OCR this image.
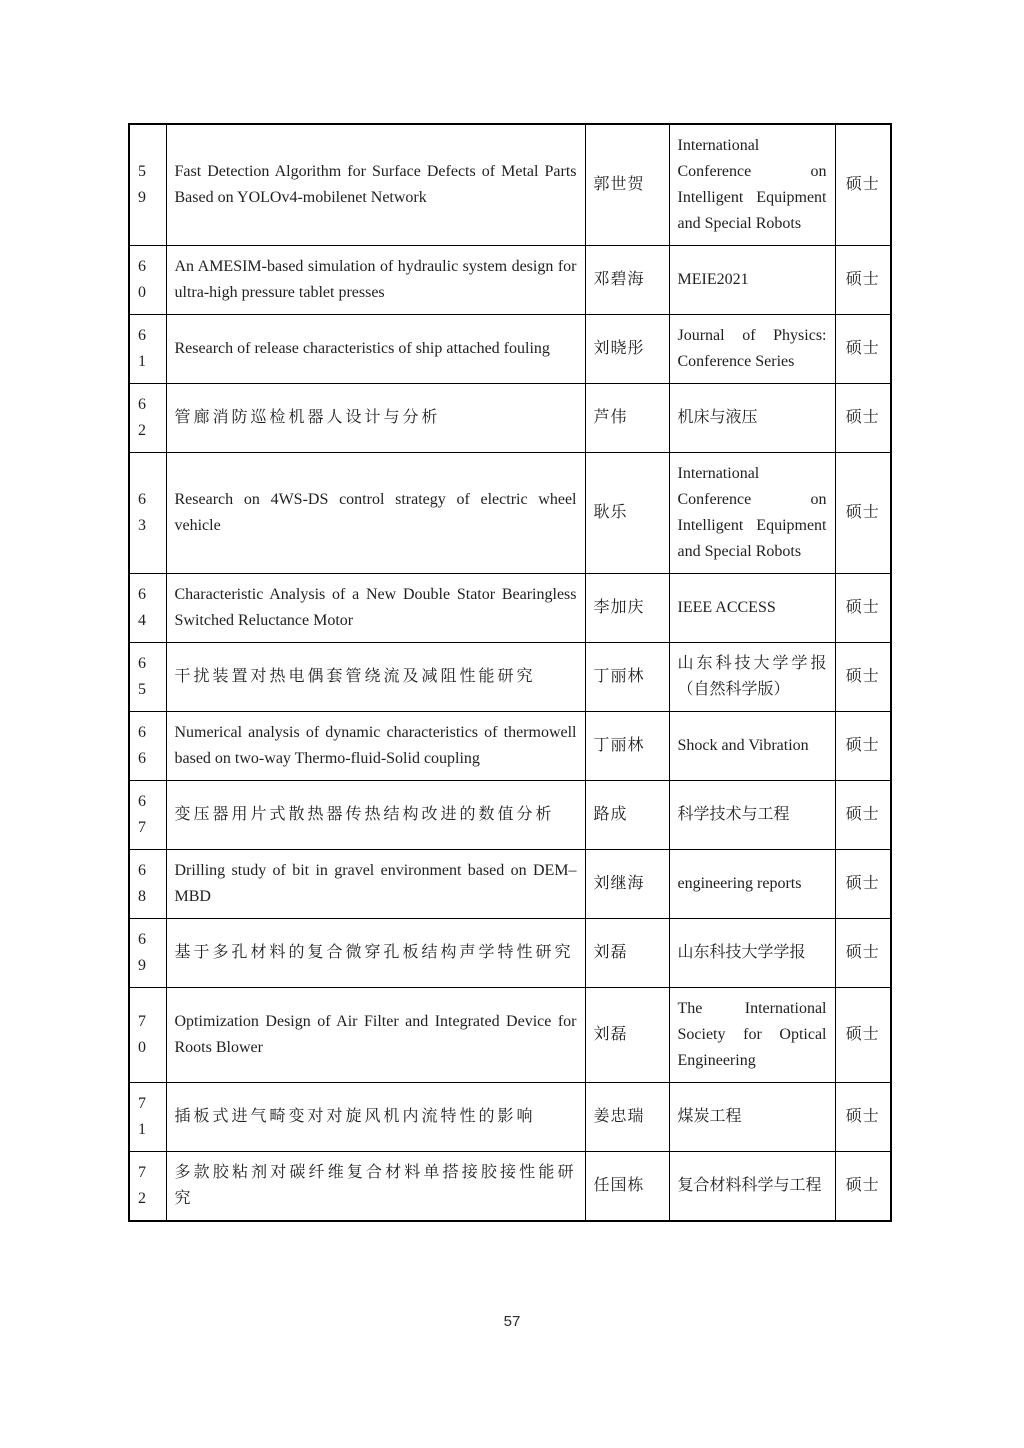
59	Fast Detection Algorithm for Surface Defects of Metal Parts Based on YOLOv4-mobilenet Network	郭世贺	International Conference on Intelligent Equipment and Special Robots	硕士
60	An AMESIM-based simulation of hydraulic system design for ultra-high pressure tablet presses	邓碧海	MEIE2021	硕士
61	Research of release characteristics of ship attached fouling	刘晓彤	Journal of Physics: Conference Series	硕士
62	管廊消防巡检机器人设计与分析	芦伟	机床与液压	硕士
63	Research on 4WS-DS control strategy of electric wheel vehicle	耿乐	International Conference on Intelligent Equipment and Special Robots	硕士
64	Characteristic Analysis of a New Double Stator Bearingless Switched Reluctance Motor	李加庆	IEEE ACCESS	硕士
65	干扰装置对热电偶套管绕流及减阻性能研究	丁丽林	山东科技大学学报（自然科学版）	硕士
66	Numerical analysis of dynamic characteristics of thermowell based on two-way Thermo-fluid-Solid coupling	丁丽林	Shock and Vibration	硕士
67	变压器用片式散热器传热结构改进的数值分析	路成	科学技术与工程	硕士
68	Drilling study of bit in gravel environment based on DEM–MBD	刘继海	engineering reports	硕士
69	基于多孔材料的复合微穿孔板结构声学特性研究	刘磊	山东科技大学学报	硕士
70	Optimization Design of Air Filter and Integrated Device for Roots Blower	刘磊	The International Society for Optical Engineering	硕士
71	插板式进气畸变对对旋风机内流特性的影响	姜忠瑞	煤炭工程	硕士
72	多款胶粘剂对碳纤维复合材料单搭接胶接性能研究	任国栋	复合材料科学与工程	硕士
57
